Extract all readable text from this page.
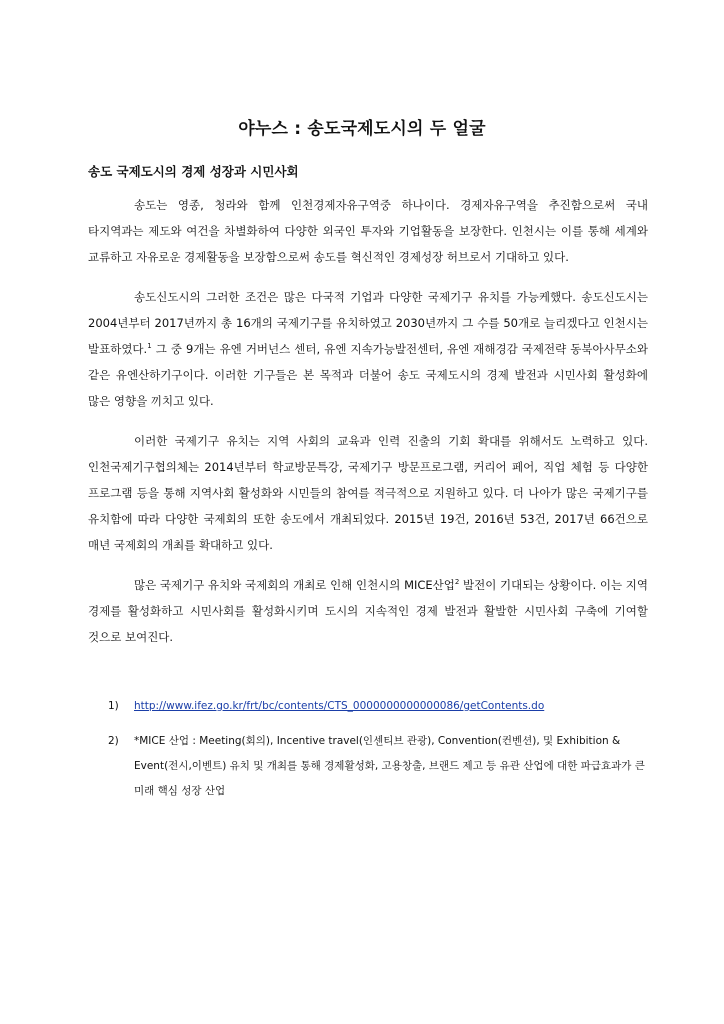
야누스 : 송도국제도시의 두 얼굴
송도 국제도시의 경제 성장과 시민사회

송도는 영종, 청라와 함께 인천경제자유구역중 하나이다. 경제자유구역을 추진함으로써 국내 타지역과는 제도와 여건을 차별화하여 다양한 외국인 투자와 기업활동을 보장한다. 인천시는 이를 통해 세계와 교류하고 자유로운 경제활동을 보장함으로써 송도를 혁신적인 경제성장 허브로서 기대하고 있다.

송도신도시의 그러한 조건은 많은 다국적 기업과 다양한 국제기구 유치를 가능케했다. 송도신도시는 2004년부터 2017년까지 총 16개의 국제기구를 유치하였고 2030년까지 그 수를 50개로 늘리겠다고 인천시는 발표하였다.$^1$ 그 중 9개는 유엔 거버넌스 센터, 유엔 지속가능발전센터, 유엔 재해경감 국제전략 동북아사무소와 같은 유엔산하기구이다. 이러한 기구들은 본 목적과 더불어 송도 국제도시의 경제 발전과 시민사회 활성화에 많은 영향을 끼치고 있다.

이러한 국제기구 유치는 지역 사회의 교육과 인력 진출의 기회 확대를 위해서도 노력하고 있다. 인천국제기구협의체는 2014년부터 학교방문특강, 국제기구 방문프로그램, 커리어 페어, 직업 체험 등 다양한 프로그램 등을 통해 지역사회 활성화와 시민들의 참여를 적극적으로 지원하고 있다. 더 나아가 많은 국제기구를 유치함에 따라 다양한 국제회의 또한 송도에서 개최되었다. 2015년 19건, 2016년 53건, 2017년 66건으로 매년 국제회의 개최를 확대하고 있다.

많은 국제기구 유치와 국제회의 개최로 인해 인천시의 MICE산업$^2$ 발전이 기대되는 상황이다. 이는 지역 경제를 활성화하고 시민사회를 활성화시키며 도시의 지속적인 경제 발전과 활발한 시민사회 구축에 기여할 것으로 보여진다.

1) http://www.ifez.go.kr/frt/bc/contents/CTS_0000000000000086/getContents.do
2) *MICE 산업 : Meeting(회의), Incentive travel(인센티브 관광), Convention(컨벤션), 및 Exhibition & Event(전시,이벤트) 유치 및 개최를 통해 경제활성화, 고용창출, 브랜드 제고 등 유관 산업에 대한 파급효과가 큰 미래 핵심 성장 산업
